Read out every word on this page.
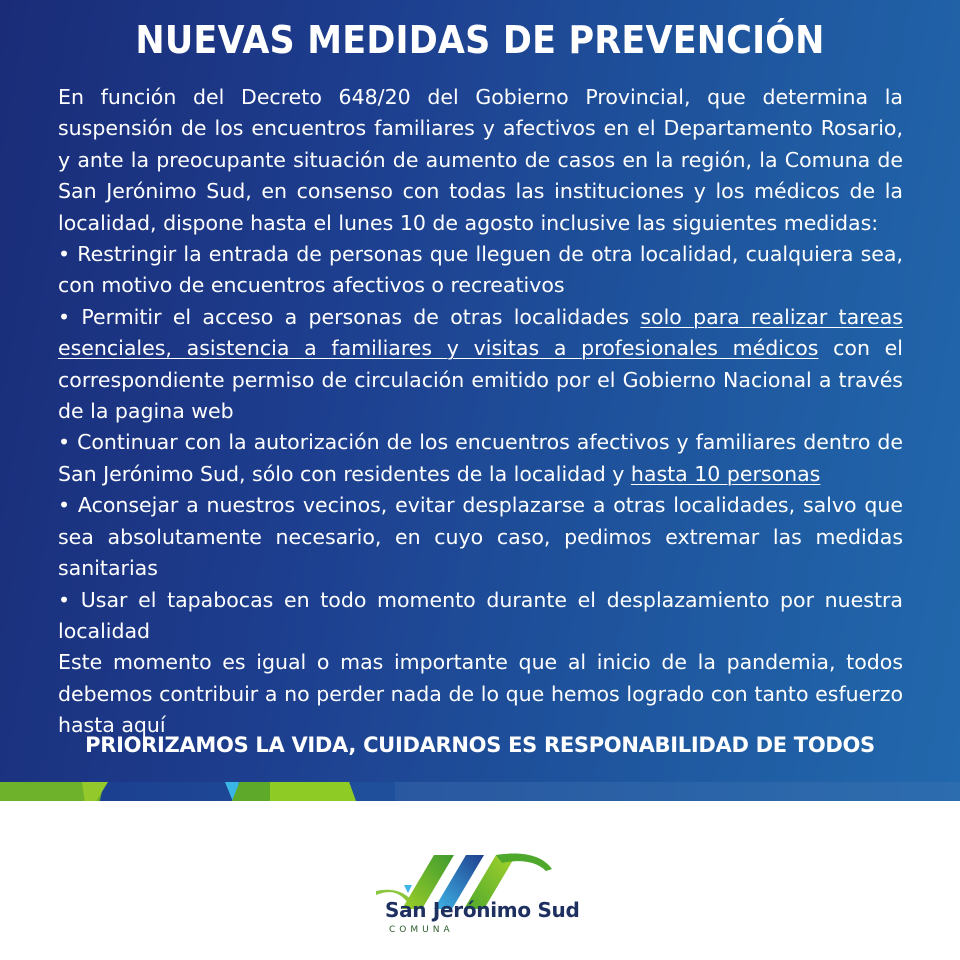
NUEVAS MEDIDAS DE PREVENCIÓN

En función del Decreto 648/20 del Gobierno Provincial, que determina la suspensión de los encuentros familiares y afectivos en el Departamento Rosario, y ante la preocupante situación de aumento de casos en la región, la Comuna de San Jerónimo Sud, en consenso con todas las instituciones y los médicos de la localidad, dispone hasta el lunes 10 de agosto inclusive las siguientes medidas:

• Restringir la entrada de personas que lleguen de otra localidad, cualquiera sea, con motivo de encuentros afectivos o recreativos

• Permitir el acceso a personas de otras localidades solo para realizar tareas esenciales, asistencia a familiares y visitas a profesionales médicos con el correspondiente permiso de circulación emitido por el Gobierno Nacional a través de la pagina web

• Continuar con la autorización de los encuentros afectivos y familiares dentro de San Jerónimo Sud, sólo con residentes de la localidad y hasta 10 personas

• Aconsejar a nuestros vecinos, evitar desplazarse a otras localidades, salvo que sea absolutamente necesario, en cuyo caso, pedimos extremar las medidas sanitarias

• Usar el tapabocas en todo momento durante el desplazamiento por nuestra localidad

Este momento es igual o mas importante que al inicio de la pandemia, todos debemos contribuir a no perder nada de lo que hemos logrado con tanto esfuerzo hasta aquí

PRIORIZAMOS LA VIDA, CUIDARNOS ES RESPONABILIDAD DE TODOS
San Jerónimo Sud
COMUNA
